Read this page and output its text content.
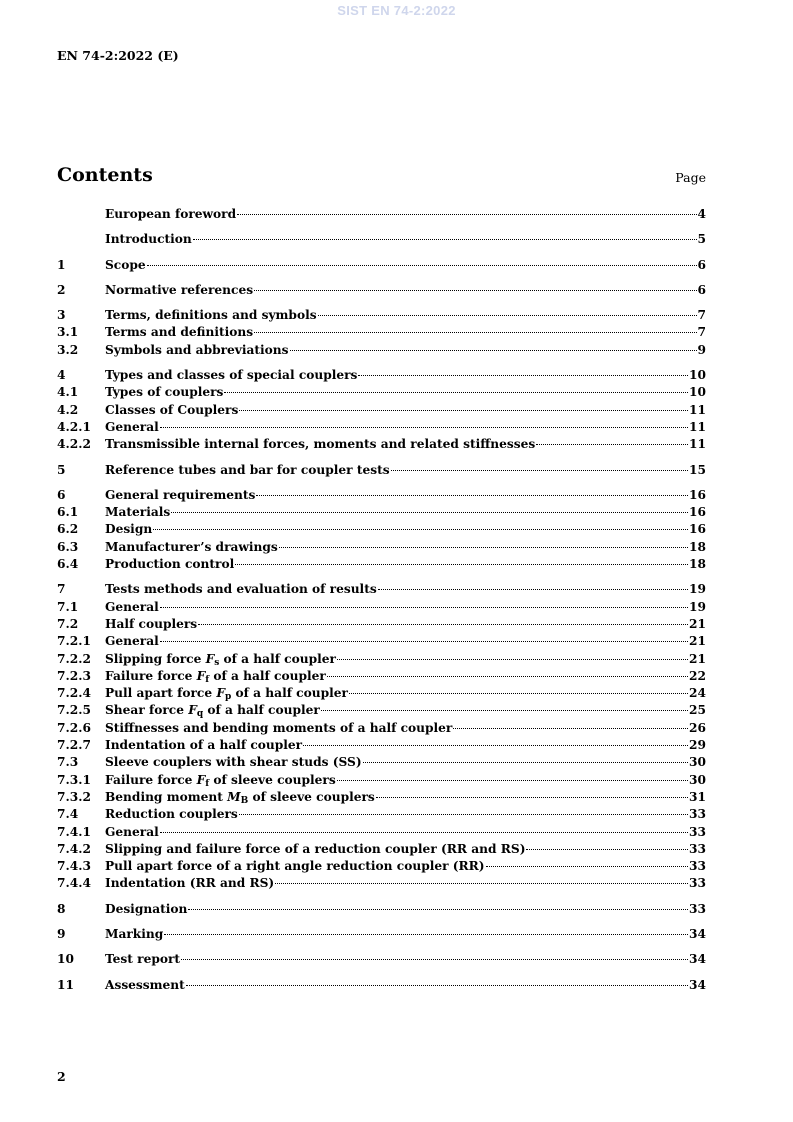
SIST EN 74-2:2022
EN 74-2:2022 (E)
Contents	Page
European foreword	4
Introduction	5
1	Scope	6
2	Normative references	6
3	Terms, definitions and symbols	7
3.1	Terms and definitions	7
3.2	Symbols and abbreviations	9
4	Types and classes of special couplers	10
4.1	Types of couplers	10
4.2	Classes of Couplers	11
4.2.1	General	11
4.2.2	Transmissible internal forces, moments and related stiffnesses	11
5	Reference tubes and bar for coupler tests	15
6	General requirements	16
6.1	Materials	16
6.2	Design	16
6.3	Manufacturer’s drawings	18
6.4	Production control	18
7	Tests methods and evaluation of results	19
7.1	General	19
7.2	Half couplers	21
7.2.1	General	21
7.2.2	Slipping force $F_s$ of a half coupler	21
7.2.3	Failure force $F_f$ of a half coupler	22
7.2.4	Pull apart force $F_p$ of a half coupler	24
7.2.5	Shear force $F_q$ of a half coupler	25
7.2.6	Stiffnesses and bending moments of a half coupler	26
7.2.7	Indentation of a half coupler	29
7.3	Sleeve couplers with shear studs (SS)	30
7.3.1	Failure force $F_f$ of sleeve couplers	30
7.3.2	Bending moment $M_B$ of sleeve couplers	31
7.4	Reduction couplers	33
7.4.1	General	33
7.4.2	Slipping and failure force of a reduction coupler (RR and RS)	33
7.4.3	Pull apart force of a right angle reduction coupler (RR)	33
7.4.4	Indentation (RR and RS)	33
8	Designation	33
9	Marking	34
10	Test report	34
11	Assessment	34
2
